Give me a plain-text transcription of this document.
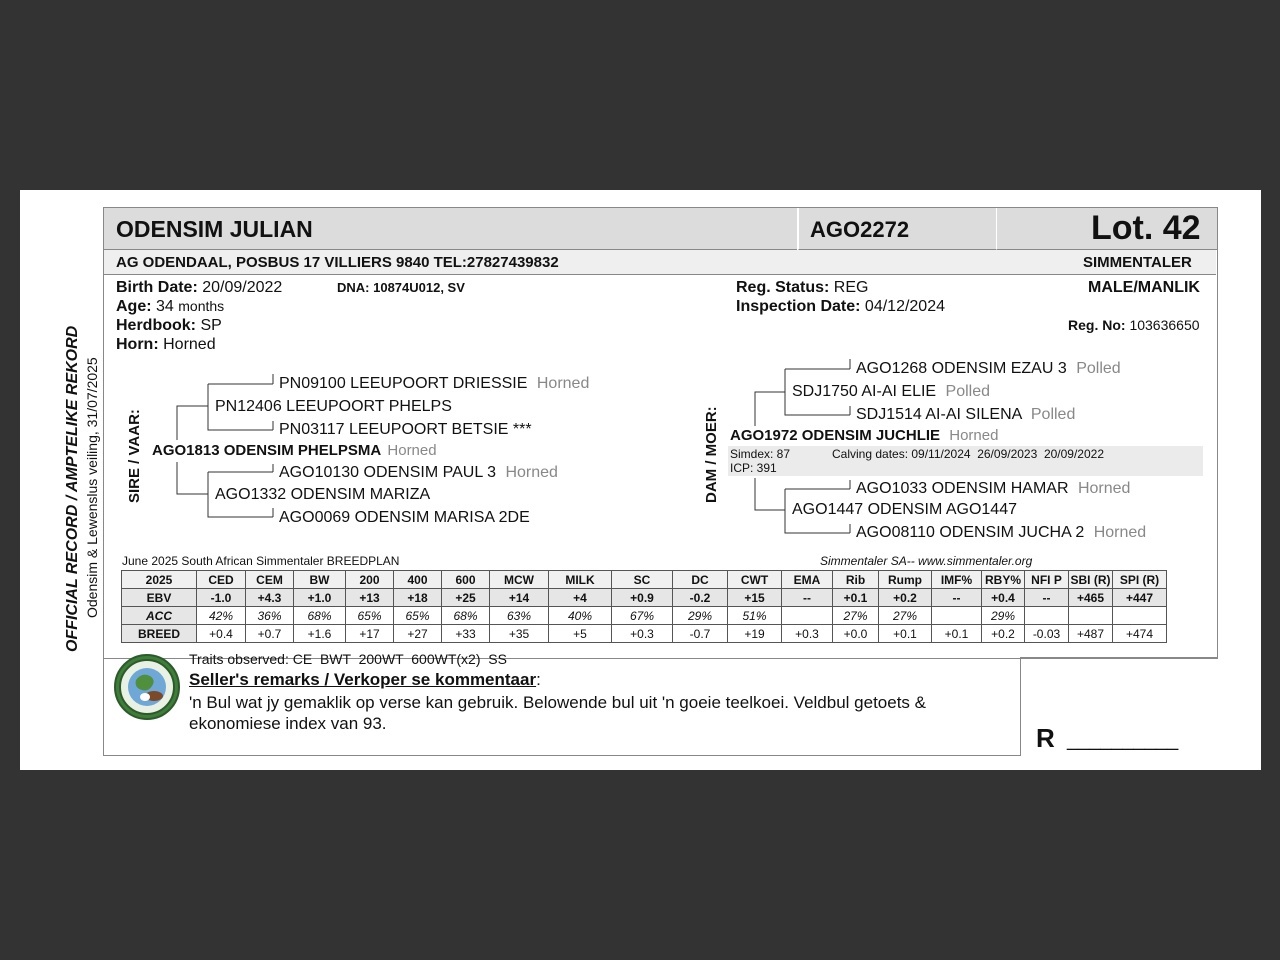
OFFICIAL RECORD / AMPTELIKE REKORD Odensim & Lewenslus veiling, 31/07/2025
ODENSIM JULIAN	AGO2272	Lot. 42
AG ODENDAAL, POSBUS 17 VILLIERS 9840 TEL:27827439832	SIMMENTALER
Birth Date: 20/09/2022	DNA: 10874U012, SV
Age: 34 months
Herdbook: SP
Horn: Horned
Reg. Status: REG
Inspection Date: 04/12/2024
MALE/MANLIK
Reg. No: 103636650
SIRE / VAAR:	DAM / MOER:
PN09100 LEEUPOORT DRIESSIE Horned
PN12406 LEEUPOORT PHELPS
PN03117 LEEUPOORT BETSIE ***
AGO1813 ODENSIM PHELPSMA Horned
AGO10130 ODENSIM PAUL 3 Horned
AGO1332 ODENSIM MARIZA
AGO0069 ODENSIM MARISA 2DE
AGO1268 ODENSIM EZAU 3 Polled
SDJ1750 AI-AI ELIE Polled
SDJ1514 AI-AI SILENA Polled
AGO1972 ODENSIM JUCHLIE Horned
Simdex: 87
ICP: 391
Calving dates: 09/11/2024  26/09/2023  20/09/2022
AGO1033 ODENSIM HAMAR Horned
AGO1447 ODENSIM AGO1447
AGO08110 ODENSIM JUCHA 2 Horned
June 2025 South African Simmentaler BREEDPLAN	Simmentaler SA-- www.simmentaler.org
2025	CED	CEM	BW	200	400	600	MCW	MILK	SC	DC	CWT	EMA	Rib	Rump	IMF%	RBY%	NFI P	SBI (R)	SPI (R)
EBV	-1.0	+4.3	+1.0	+13	+18	+25	+14	+4	+0.9	-0.2	+15	--	+0.1	+0.2	--	+0.4	--	+465	+447
ACC	42%	36%	68%	65%	65%	68%	63%	40%	67%	29%	51%		27%	27%		29%			
BREED	+0.4	+0.7	+1.6	+17	+27	+33	+35	+5	+0.3	-0.7	+19	+0.3	+0.0	+0.1	+0.1	+0.2	-0.03	+487	+474
Traits observed: CE  BWT  200WT  600WT(x2)  SS
Seller's remarks / Verkoper se kommentaar:
'n Bul wat jy gemaklik op verse kan gebruik. Belowende bul uit 'n goeie teelkoei. Veldbul getoets &
ekonomiese index van 93.	R __________
